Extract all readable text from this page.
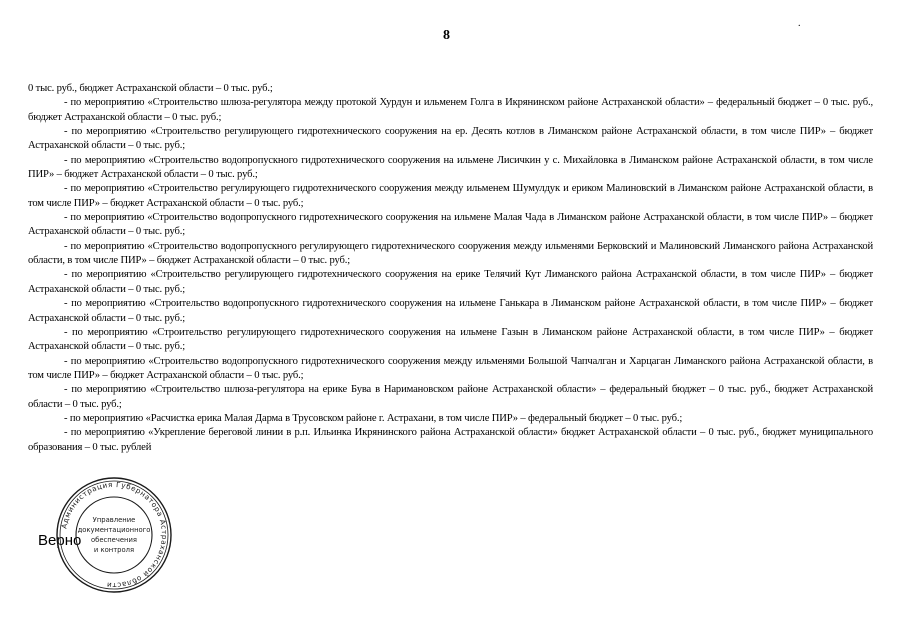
.
8

0 тыс. руб., бюджет Астраханской области – 0 тыс. руб.;

- по мероприятию «Строительство шлюза-регулятора между протокой Хурдун и ильменем Голга в Икрянинском районе Астраханской области» – федеральный бюджет – 0 тыс. руб., бюджет Астраханской области – 0 тыс. руб.;

- по мероприятию «Строительство регулирующего гидротехнического сооружения на ер. Десять котлов в Лиманском районе Астраханской области, в том числе ПИР» – бюджет Астраханской области – 0 тыс. руб.;

- по мероприятию «Строительство водопропускного гидротехнического сооружения на ильмене Лисичкин у с. Михайловка в Лиманском районе Астраханской области, в том числе ПИР» – бюджет Астраханской области – 0 тыс. руб.;

- по мероприятию «Строительство регулирующего гидротехнического сооружения между ильменем Шумулдук и ериком Малиновский в Лиманском районе Астраханской области, в том числе ПИР» – бюджет Астраханской области – 0 тыс. руб.;

- по мероприятию «Строительство водопропускного гидротехнического сооружения на ильмене Малая Чада в Лиманском районе Астраханской области, в том числе ПИР» – бюджет Астраханской области – 0 тыс. руб.;

- по мероприятию «Строительство водопропускного регулирующего гидротехнического сооружения между ильменями Берковский и Малиновский Лиманского района Астраханской области, в том числе ПИР» – бюджет Астраханской области – 0 тыс. руб.;

- по мероприятию «Строительство регулирующего гидротехнического сооружения на ерике Телячий Кут Лиманского района Астраханской области, в том числе ПИР» – бюджет Астраханской области – 0 тыс. руб.;

- по мероприятию «Строительство водопропускного гидротехнического сооружения на ильмене Ганькара в Лиманском районе Астраханской области, в том числе ПИР» – бюджет Астраханской области – 0 тыс. руб.;

- по мероприятию «Строительство регулирующего гидротехнического сооружения на ильмене Газын в Лиманском районе Астраханской области, в том числе ПИР» – бюджет Астраханской области – 0 тыс. руб.;

- по мероприятию «Строительство водопропускного гидротехнического сооружения между ильменями Большой Чапчалган и Харцаган Лиманского района Астраханской области, в том числе ПИР» – бюджет Астраханской области – 0 тыс. руб.;

- по мероприятию «Строительство шлюза-регулятора на ерике Бува в Наримановском районе Астраханской области» – федеральный бюджет – 0 тыс. руб., бюджет Астраханской области – 0 тыс. руб.;

- по мероприятию «Расчистка ерика Малая Дарма в Трусовском районе г. Астрахани, в том числе ПИР» – федеральный бюджет – 0 тыс. руб.;

- по мероприятию «Укрепление береговой линии в р.п. Ильинка Икрянинского района Астраханской области» бюджет Астраханской области – 0 тыс. руб., бюджет муниципального образования – 0 тыс. рублей

Верно
Администрация Губернатора Астраханской области
Управление
документационного
обеспечения
и контроля
